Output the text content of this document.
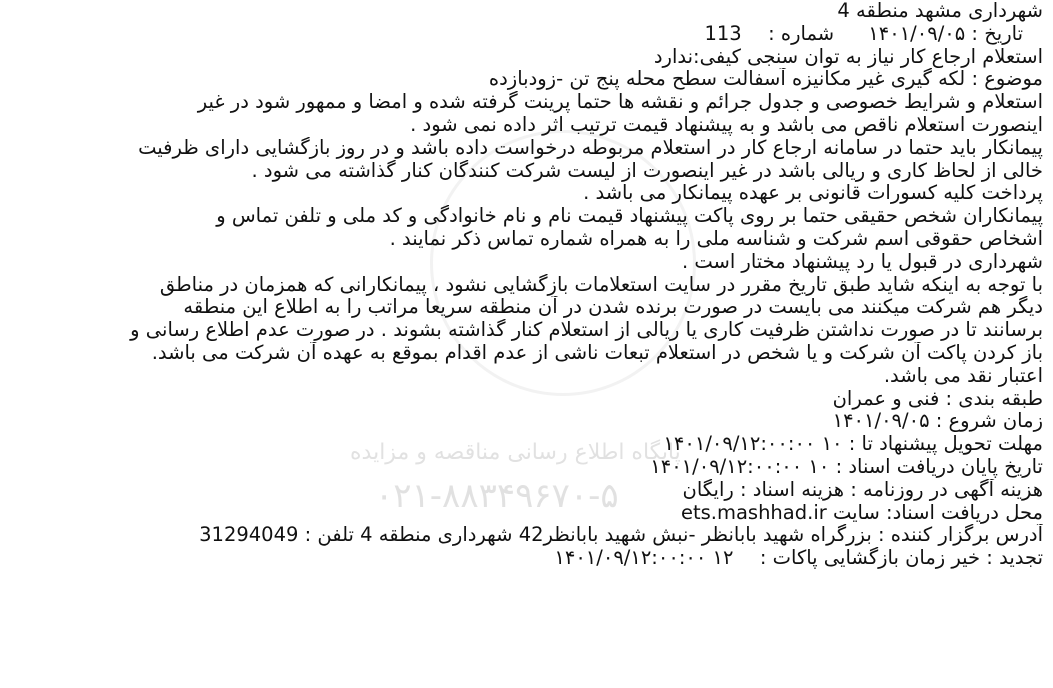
پایگاه اطلاع رسانی مناقصه و مزایده
۰۲۱-۸۸۳۴۹۶۷۰-۵
شهرداری مشهد منطقه 4
تاریخ : ۱۴۰۱/۰۹/۰۵ شماره :  113
استعلام ارجاع کار نیاز به توان سنجی کیفی:ندارد
موضوع : لکه گیری غیر مکانیزه آسفالت سطح محله پنج تن -زودبازده
استعلام و شرایط خصوصی و جدول جرائم و نقشه ها حتما پرینت گرفته شده و امضا و ممهور شود در غیر
اینصورت استعلام ناقص می باشد و به پیشنهاد قیمت ترتیب اثر داده نمی شود .
پیمانکار باید حتما در سامانه ارجاع کار در استعلام مربوطه درخواست داده باشد و در روز بازگشایی دارای ظرفیت
خالی از لحاظ کاری و ریالی باشد در غیر اینصورت از لیست شرکت کنندگان کنار گذاشته می شود .
پرداخت کلیه کسورات قانونی بر عهده پیمانکار می باشد .
پیمانکاران شخص حقیقی حتما بر روی پاکت پیشنهاد قیمت نام و نام خانوادگی و کد ملی و تلفن تماس و
اشخاص حقوقی اسم شرکت و شناسه ملی را به همراه شماره تماس ذکر نمایند .
شهرداری در قبول یا رد پیشنهاد مختار است .
با توجه به اینکه شاید طبق تاریخ مقرر در سایت استعلامات بازگشایی نشود ، پیمانکارانی که همزمان در مناطق
دیگر هم شرکت میکنند می بایست در صورت برنده شدن در آن منطقه سریعا مراتب را به اطلاع این منطقه
برسانند تا در صورت نداشتن ظرفیت کاری یا ریالی از استعلام کنار گذاشته بشوند . در صورت عدم اطلاع رسانی و
باز کردن پاکت آن شرکت و یا شخص در استعلام تبعات ناشی از عدم اقدام بموقع به عهده آن شرکت می باشد.
اعتبار نقد می باشد.
طبقه بندی : فنی و عمران
زمان شروع : ۱۴۰۱/۰۹/۰۵
مهلت تحویل پیشنهاد تا : ۱۴۰۱/۰۹/۱۲:۰۰:۰۰ ۱۰
تاریخ پایان دریافت اسناد : ۱۴۰۱/۰۹/۱۲:۰۰:۰۰ ۱۰
هزینه آگهی در روزنامه : هزینه اسناد : رایگان
محل دریافت اسناد: سایت ets.mashhad.ir
آدرس برگزار کننده : بزرگراه شهید بابانظر -نبش شهید بابانظر42 شهرداری منطقه 4 تلفن : 31294049
تجدید : خیر زمان بازگشایی پاکات :  ۱۴۰۱/۰۹/۱۲:۰۰:۰۰ ۱۲
